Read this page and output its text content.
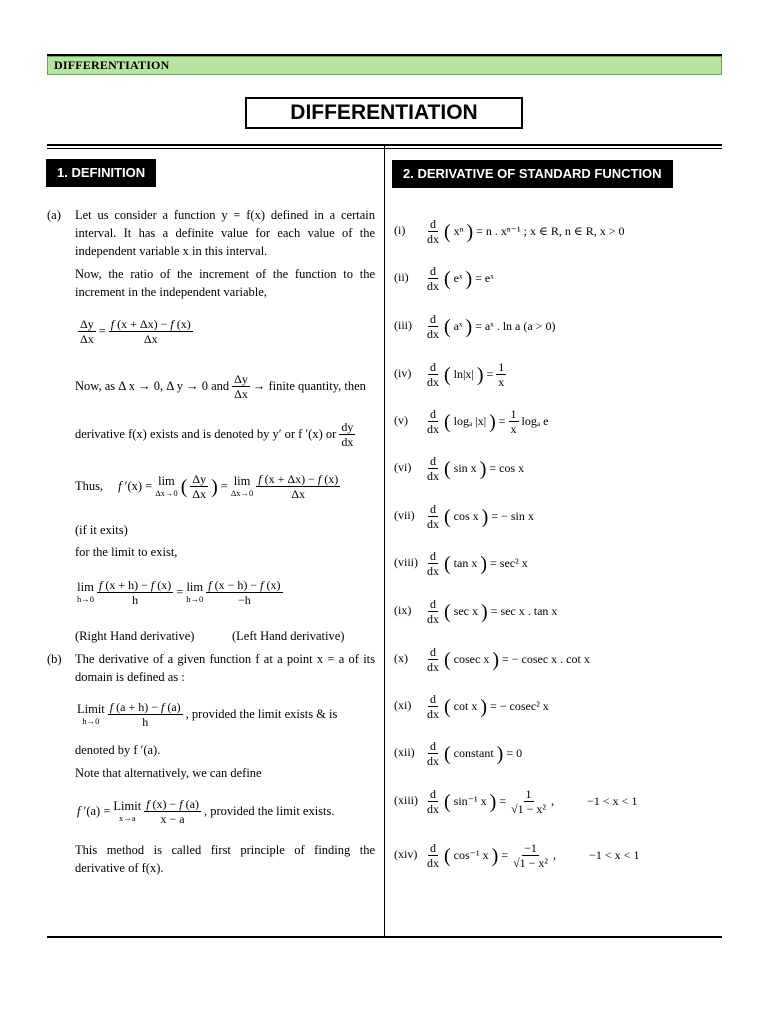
DIFFERENTIATION
DIFFERENTIATION
1. DEFINITION	2. DERIVATIVE OF STANDARD FUNCTION
(a) Let us consider a function y = f(x) defined in a certain interval. It has a definite value for each value of the independent variable x in this interval.
Now, the ratio of the increment of the function to the increment in the independent variable,
$\frac{\Delta y}{\Delta x} = \frac{f (x + \Delta x) - f (x)}{\Delta x}$
Now, as Δ x → 0, Δ y → 0 and $\frac{\Delta y}{\Delta x}$ → finite quantity, then
derivative f(x) exists and is denoted by y′ or f ′(x) or $\frac{dy}{dx}$
Thus, f ′(x) = lim
Δx→0 ( $\frac{\Delta y}{\Delta x}$ ) = lim
$\Delta x\to 0 \frac{f (x + \Delta x) - f (x)}{\Delta x}$
(if it exits)
for the limit to exist,
lim
$h\to 0 \frac{f (x + h) - f (x)}{h} = \lim$
$h\to 0 \frac{f (x - h) - f (x)}{-h}$
(Right Hand derivative)	(Left Hand derivative)
(b) The derivative of a given function f at a point x = a of its domain is defined as :
Limit
$h\to 0 \frac{f (a + h) - f (a)}{h}$ , provided the limit exists & is
denoted by f ′(a).
Note that alternatively, we can define
f ′(a) = Limit
$x\to a \frac{f (x) - f (a)}{x - a}$ , provided the limit exists.
This method is called first principle of finding the derivative of f(x).
$(i) \frac{d}{dx}$ ( xⁿ ) = n . xⁿ⁻¹ ; x ∈ R, n ∈ R, x > 0
$(ii) \frac{d}{dx}$ ( eˣ ) = eˣ
$(iii) \frac{d}{dx}$ ( aˣ ) = aˣ . ln a (a > 0)
$(iv) \frac{d}{dx}$ ( ln|x| ) = $\frac{1}{x}$
$(v) \frac{d}{dx}$ ( logₐ |x| ) = $\frac{1}{x}$ logₐ e
$(vi) \frac{d}{dx}$ ( sin x ) = cos x
$(vii) \frac{d}{dx}$ ( cos x ) = − sin x
(viii) $\frac{d}{dx}$ ( tan x ) = sec² x
$(ix) \frac{d}{dx}$ ( sec x ) = sec x . tan x
$(x) \frac{d}{dx}$ ( cosec x ) = − cosec x . cot x
$(xi) \frac{d}{dx}$ ( cot x ) = − cosec² x
$(xii) \frac{d}{dx}$ ( constant ) = 0
(xiii) $\frac{d}{dx}$ ( sin⁻¹ x ) = $\frac{1}{\text{√1 − x²}}$ ,	−1 < x < 1
$(xiv) \frac{d}{dx}$ ( cos⁻¹ x ) = $\frac{-1}{\text{√1 − x²}}$ ,	−1 < x < 1
